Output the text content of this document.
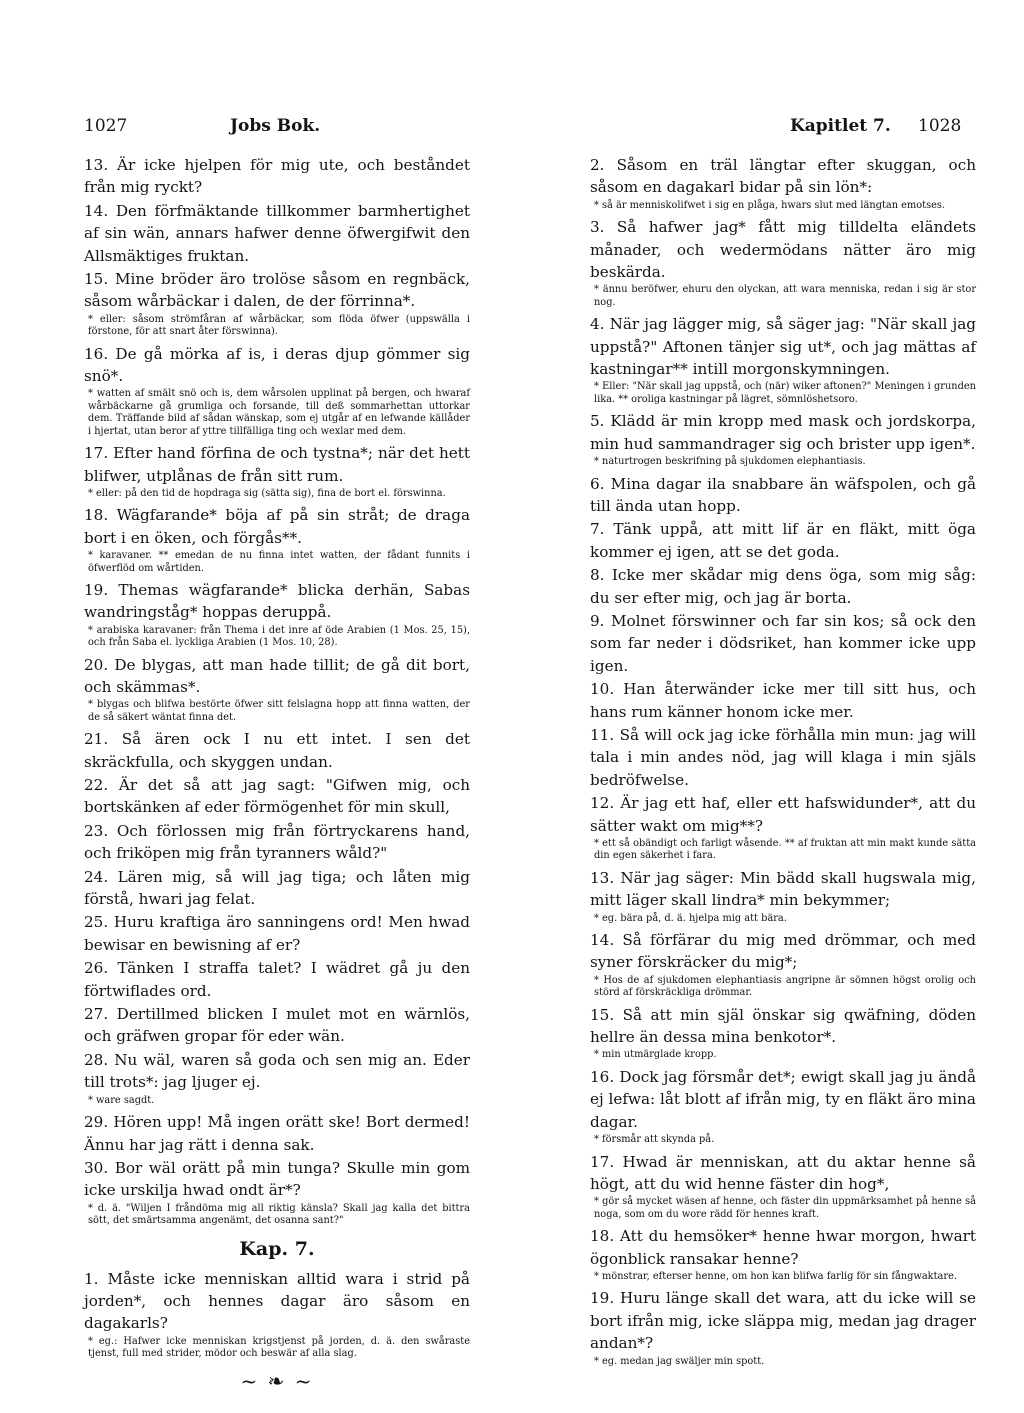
1027	Jobs Bok.	Kapitlet 7. 1028

13. Är icke hjelpen för mig ute, och beståndet från mig ryckt?

14. Den förfmäktande tillkommer barmhertighet af sin wän, annars hafwer denne öfwergifwit den Allsmäktiges fruktan.

15. Mine bröder äro trolöse såsom en regnbäck, såsom wårbäckar i dalen, de der förrinna*.

* eller: såsom strömfåran af wårbäckar, som flöda öfwer (uppswälla i förstone, för att snart åter förswinna).

16. De gå mörka af is, i deras djup gömmer sig snö*.

* watten af smält snö och is, dem wårsolen upplinat på bergen, och hwaraf wårbäckarne gå grumliga och forsande, till deß sommarhettan uttorkar dem. Träffande bild af sådan wänskap, som ej utgår af en lefwande källåder i hjertat, utan beror af yttre tillfälliga ting och wexlar med dem.

17. Efter hand förfina de och tystna*; när det hett blifwer, utplånas de från sitt rum.

* eller: på den tid de hopdraga sig (sätta sig), fina de bort el. förswinna.

18. Wägfarande* böja af på sin stråt; de draga bort i en öken, och förgås**.

* karavaner. ** emedan de nu finna intet watten, der fådant funnits i öfwerflöd om wårtiden.

19. Themas wägfarande* blicka derhän, Sabas wandringståg* hoppas deruppå.

* arabiska karavaner: från Thema i det inre af öde Arabien (1 Mos. 25, 15), och från Saba el. lyckliga Arabien (1 Mos. 10, 28).

20. De blygas, att man hade tillit; de gå dit bort, och skämmas*.

* blygas och blifwa bestörte öfwer sitt felslagna hopp att finna watten, der de så säkert wäntat finna det.

21. Så ären ock I nu ett intet. I sen det skräckfulla, och skyggen undan.

22. Är det så att jag sagt: "Gifwen mig, och bortskänken af eder förmögenhet för min skull,

23. Och förlossen mig från förtryckarens hand, och friköpen mig från tyranners wåld?"

24. Lären mig, så will jag tiga; och låten mig förstå, hwari jag felat.

25. Huru kraftiga äro sanningens ord! Men hwad bewisar en bewisning af er?

26. Tänken I straffa talet? I wädret gå ju den förtwiflades ord.

27. Dertillmed blicken I mulet mot en wärnlös, och gräfwen gropar för eder wän.

28. Nu wäl, waren så goda och sen mig an. Eder till trots*: jag ljuger ej.

* ware sagdt.

29. Hören upp! Må ingen orätt ske! Bort dermed! Ännu har jag rätt i denna sak.

30. Bor wäl orätt på min tunga? Skulle min gom icke urskilja hwad ondt är*?

* d. ä. "Wiljen I fråndöma mig all riktig känsla? Skall jag kalla det bittra sött, det smärtsamma angenämt, det osanna sant?"

Kap. 7.

1. Måste icke menniskan alltid wara i strid på jorden*, och hennes dagar äro såsom en dagakarls?

* eg.: Hafwer icke menniskan krigstjenst på jorden, d. ä. den swåraste tjenst, full med strider, mödor och beswär af alla slag.

~ ❧ ~

2. Såsom en träl längtar efter skuggan, och såsom en dagakarl bidar på sin lön*:

* så är menniskolifwet i sig en plåga, hwars slut med längtan emotses.

3. Så hafwer jag* fått mig tilldelta eländets månader, och wedermödans nätter äro mig beskärda.

* ännu beröfwer, ehuru den olyckan, att wara menniska, redan i sig är stor nog.

4. När jag lägger mig, så säger jag: "När skall jag uppstå?" Aftonen tänjer sig ut*, och jag mättas af kastningar** intill morgonskymningen.

* Eller: "När skall jag uppstå, och (när) wiker aftonen?" Meningen i grunden lika. ** oroliga kastningar på lägret, sömnlöshetsoro.

5. Klädd är min kropp med mask och jordskorpa, min hud sammandrager sig och brister upp igen*.

* naturtrogen beskrifning på sjukdomen elephantiasis.

6. Mina dagar ila snabbare än wäfspolen, och gå till ända utan hopp.

7. Tänk uppå, att mitt lif är en fläkt, mitt öga kommer ej igen, att se det goda.

8. Icke mer skådar mig dens öga, som mig såg: du ser efter mig, och jag är borta.

9. Molnet förswinner och far sin kos; så ock den som far neder i dödsriket, han kommer icke upp igen.

10. Han återwänder icke mer till sitt hus, och hans rum känner honom icke mer.

11. Så will ock jag icke förhålla min mun: jag will tala i min andes nöd, jag will klaga i min själs bedröfwelse.

12. Är jag ett haf, eller ett hafswidunder*, att du sätter wakt om mig**?

* ett så obändigt och farligt wåsende. ** af fruktan att min makt kunde sätta din egen säkerhet i fara.

13. När jag säger: Min bädd skall hugswala mig, mitt läger skall lindra* min bekymmer;

* eg. bära på, d. ä. hjelpa mig att bära.

14. Så förfärar du mig med drömmar, och med syner förskräcker du mig*;

* Hos de af sjukdomen elephantiasis angripne är sömnen högst orolig och störd af förskräckliga drömmar.

15. Så att min själ önskar sig qwäfning, döden hellre än dessa mina benkotor*.

* min utmärglade kropp.

16. Dock jag försmår det*; ewigt skall jag ju ändå ej lefwa: låt blott af ifrån mig, ty en fläkt äro mina dagar.

* försmår att skynda på.

17. Hwad är menniskan, att du aktar henne så högt, att du wid henne fäster din hog*,

* gör så mycket wäsen af henne, och fäster din uppmärksamhet på henne så noga, som om du wore rädd för hennes kraft.

18. Att du hemsöker* henne hwar morgon, hwart ögonblick ransakar henne?

* mönstrar, efterser henne, om hon kan blifwa farlig för sin fångwaktare.

19. Huru länge skall det wara, att du icke will se bort ifrån mig, icke släppa mig, medan jag drager andan*?

* eg. medan jag swäljer min spott.
